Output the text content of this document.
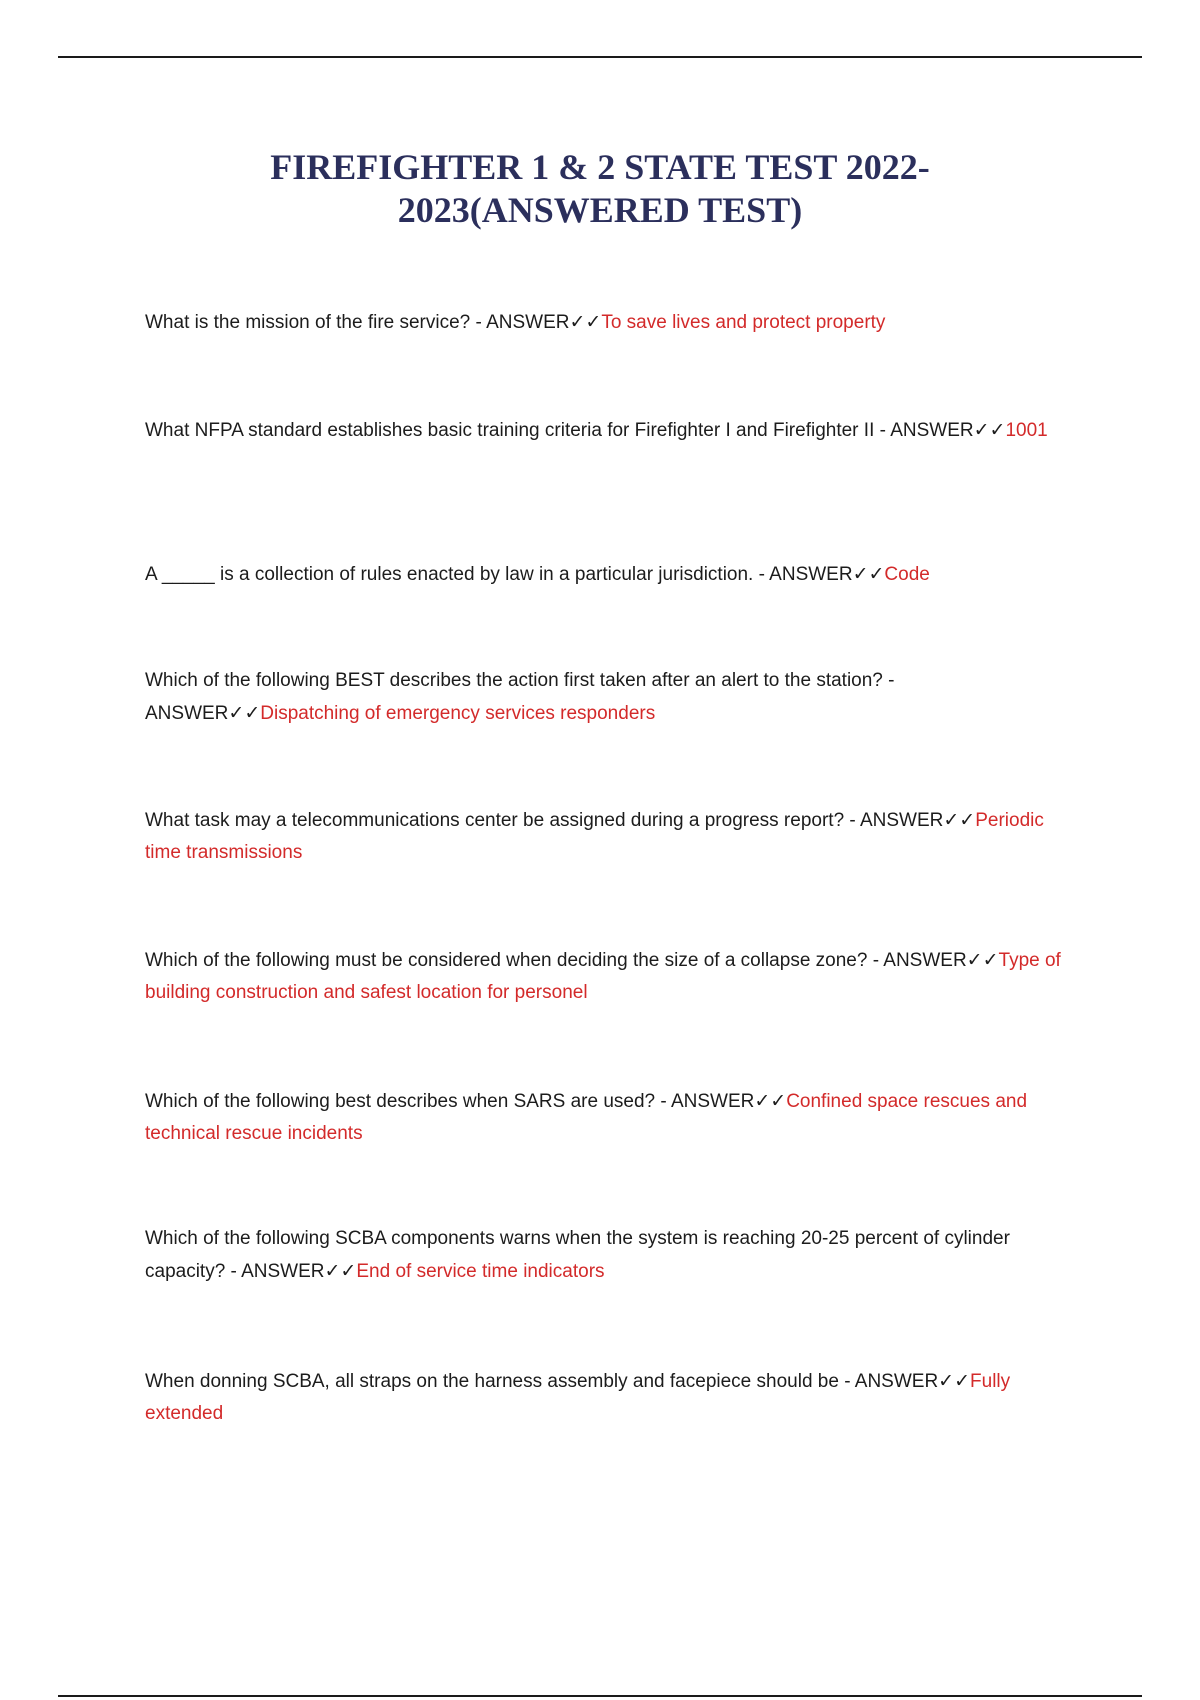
FIREFIGHTER 1 & 2 STATE TEST 2022-2023(ANSWERED TEST)

What is the mission of the fire service? - ANSWER✓✓To save lives and protect property

What NFPA standard establishes basic training criteria for Firefighter I and Firefighter II - ANSWER✓✓1001

A _____ is a collection of rules enacted by law in a particular jurisdiction. - ANSWER✓✓Code

Which of the following BEST describes the action first taken after an alert to the station? - ANSWER✓✓Dispatching of emergency services responders

What task may a telecommunications center be assigned during a progress report? - ANSWER✓✓Periodic time transmissions

Which of the following must be considered when deciding the size of a collapse zone? - ANSWER✓✓Type of building construction and safest location for personel

Which of the following best describes when SARS are used? - ANSWER✓✓Confined space rescues and technical rescue incidents

Which of the following SCBA components warns when the system is reaching 20-25 percent of cylinder capacity? - ANSWER✓✓End of service time indicators

When donning SCBA, all straps on the harness assembly and facepiece should be - ANSWER✓✓Fully extended
